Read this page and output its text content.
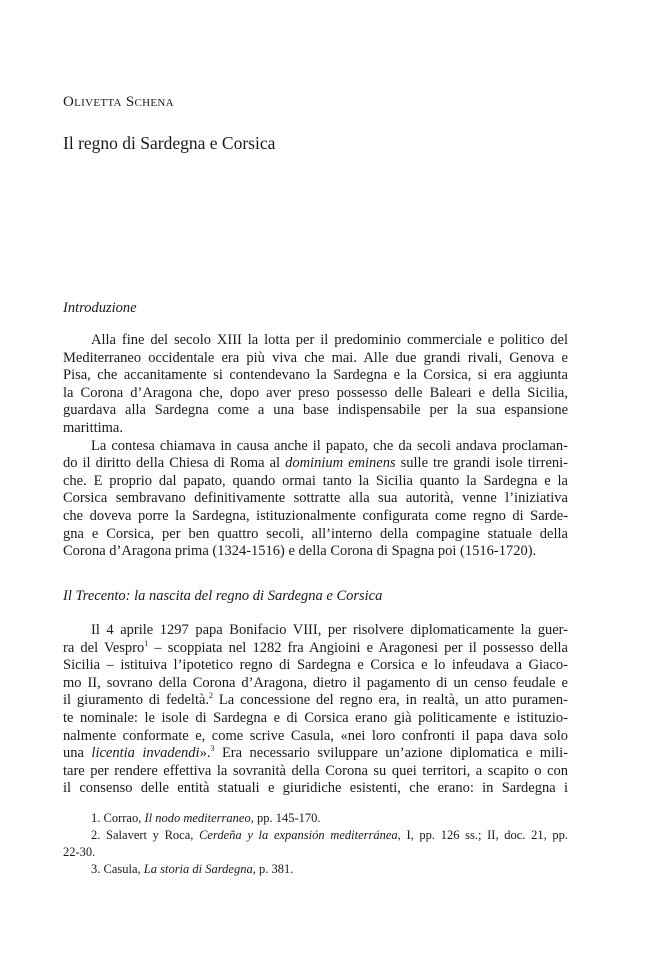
Olivetta Schena
Il regno di Sardegna e Corsica
Introduzione
Alla fine del secolo XIII la lotta per il predominio commerciale e politico del
Mediterraneo occidentale era più viva che mai. Alle due grandi rivali, Genova e
Pisa, che accanitamente si contendevano la Sardegna e la Corsica, si era aggiunta
la Corona d’Aragona che, dopo aver preso possesso delle Baleari e della Sicilia,
guardava alla Sardegna come a una base indispensabile per la sua espansione
marittima.
La contesa chiamava in causa anche il papato, che da secoli andava proclaman-
do il diritto della Chiesa di Roma al dominium eminens sulle tre grandi isole tirreni-
che. E proprio dal papato, quando ormai tanto la Sicilia quanto la Sardegna e la
Corsica sembravano definitivamente sottratte alla sua autorità, venne l’iniziativa
che doveva porre la Sardegna, istituzionalmente configurata come regno di Sarde-
gna e Corsica, per ben quattro secoli, all’interno della compagine statuale della
Corona d’Aragona prima (1324-1516) e della Corona di Spagna poi (1516-1720).
Il Trecento: la nascita del regno di Sardegna e Corsica
Il 4 aprile 1297 papa Bonifacio VIII, per risolvere diplomaticamente la guer-
ra del Vespro$^1$ – scoppiata nel 1282 fra Angioini e Aragonesi per il possesso della
Sicilia – istituiva l’ipotetico regno di Sardegna e Corsica e lo infeudava a Giaco-
mo II, sovrano della Corona d’Aragona, dietro il pagamento di un censo feudale e
il giuramento di fedeltà.$^2$ La concessione del regno era, in realtà, un atto puramen-
te nominale: le isole di Sardegna e di Corsica erano già politicamente e istituzio-
nalmente conformate e, come scrive Casula, «nei loro confronti il papa dava solo
una licentia invadendi».$^3$ Era necessario sviluppare un’azione diplomatica e mili-
tare per rendere effettiva la sovranità della Corona su quei territori, a scapito o con
il consenso delle entità statuali e giuridiche esistenti, che erano: in Sardegna i
1. Corrao, Il nodo mediterraneo, pp. 145-170.
2. Salavert y Roca, Cerdeña y la expansión mediterránea, I, pp. 126 ss.; II, doc. 21, pp.
22-30.
3. Casula, La storia di Sardegna, p. 381.
